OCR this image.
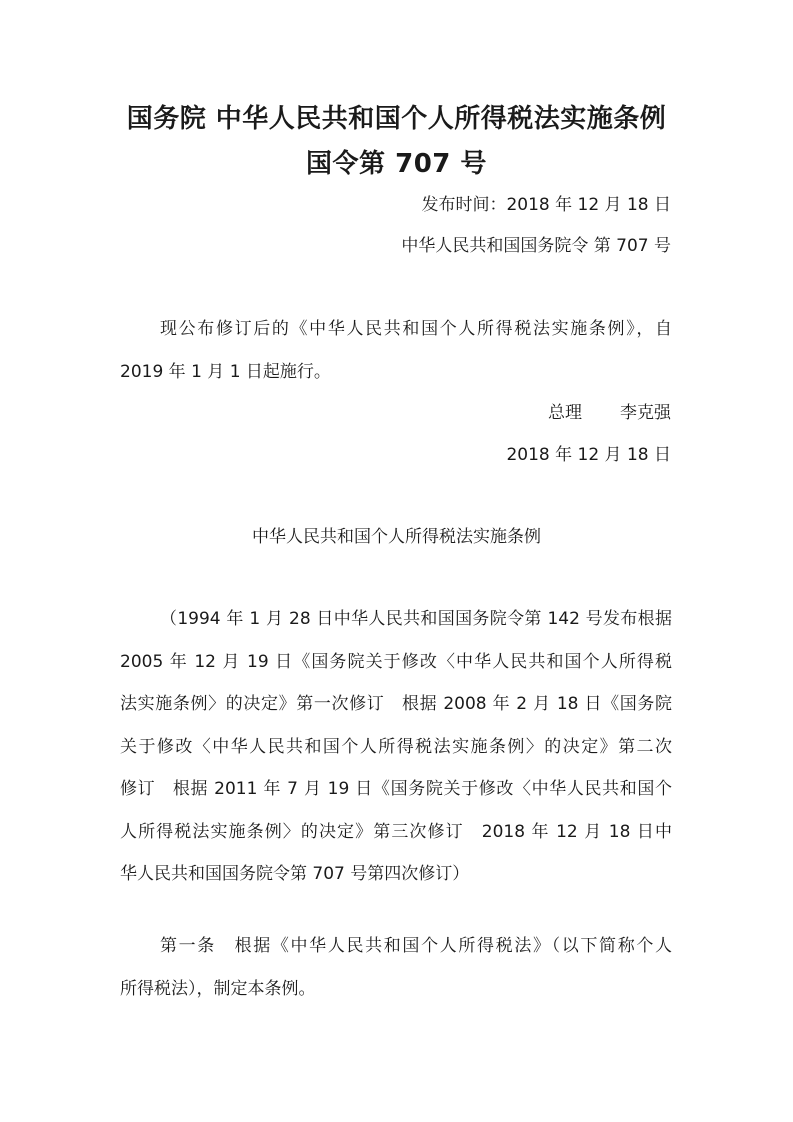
国务院 中华人民共和国个人所得税法实施条例
国令第 707 号
发布时间：2018 年 12 月 18 日
中华人民共和国国务院令 第 707 号
现公布修订后的《中华人民共和国个人所得税法实施条例》，自
2019 年 1 月 1 日起施行。
总理 李克强
2018 年 12 月 18 日
中华人民共和国个人所得税法实施条例
（1994 年 1 月 28 日中华人民共和国国务院令第 142 号发布根据
2005 年 12 月 19 日《国务院关于修改〈中华人民共和国个人所得税
法实施条例〉的决定》第一次修订　根据 2008 年 2 月 18 日《国务院
关于修改〈中华人民共和国个人所得税法实施条例〉的决定》第二次
修订　根据 2011 年 7 月 19 日《国务院关于修改〈中华人民共和国个
人所得税法实施条例〉的决定》第三次修订　2018 年 12 月 18 日中
华人民共和国国务院令第 707 号第四次修订）
第一条　根据《中华人民共和国个人所得税法》（以下简称个人
所得税法），制定本条例。
